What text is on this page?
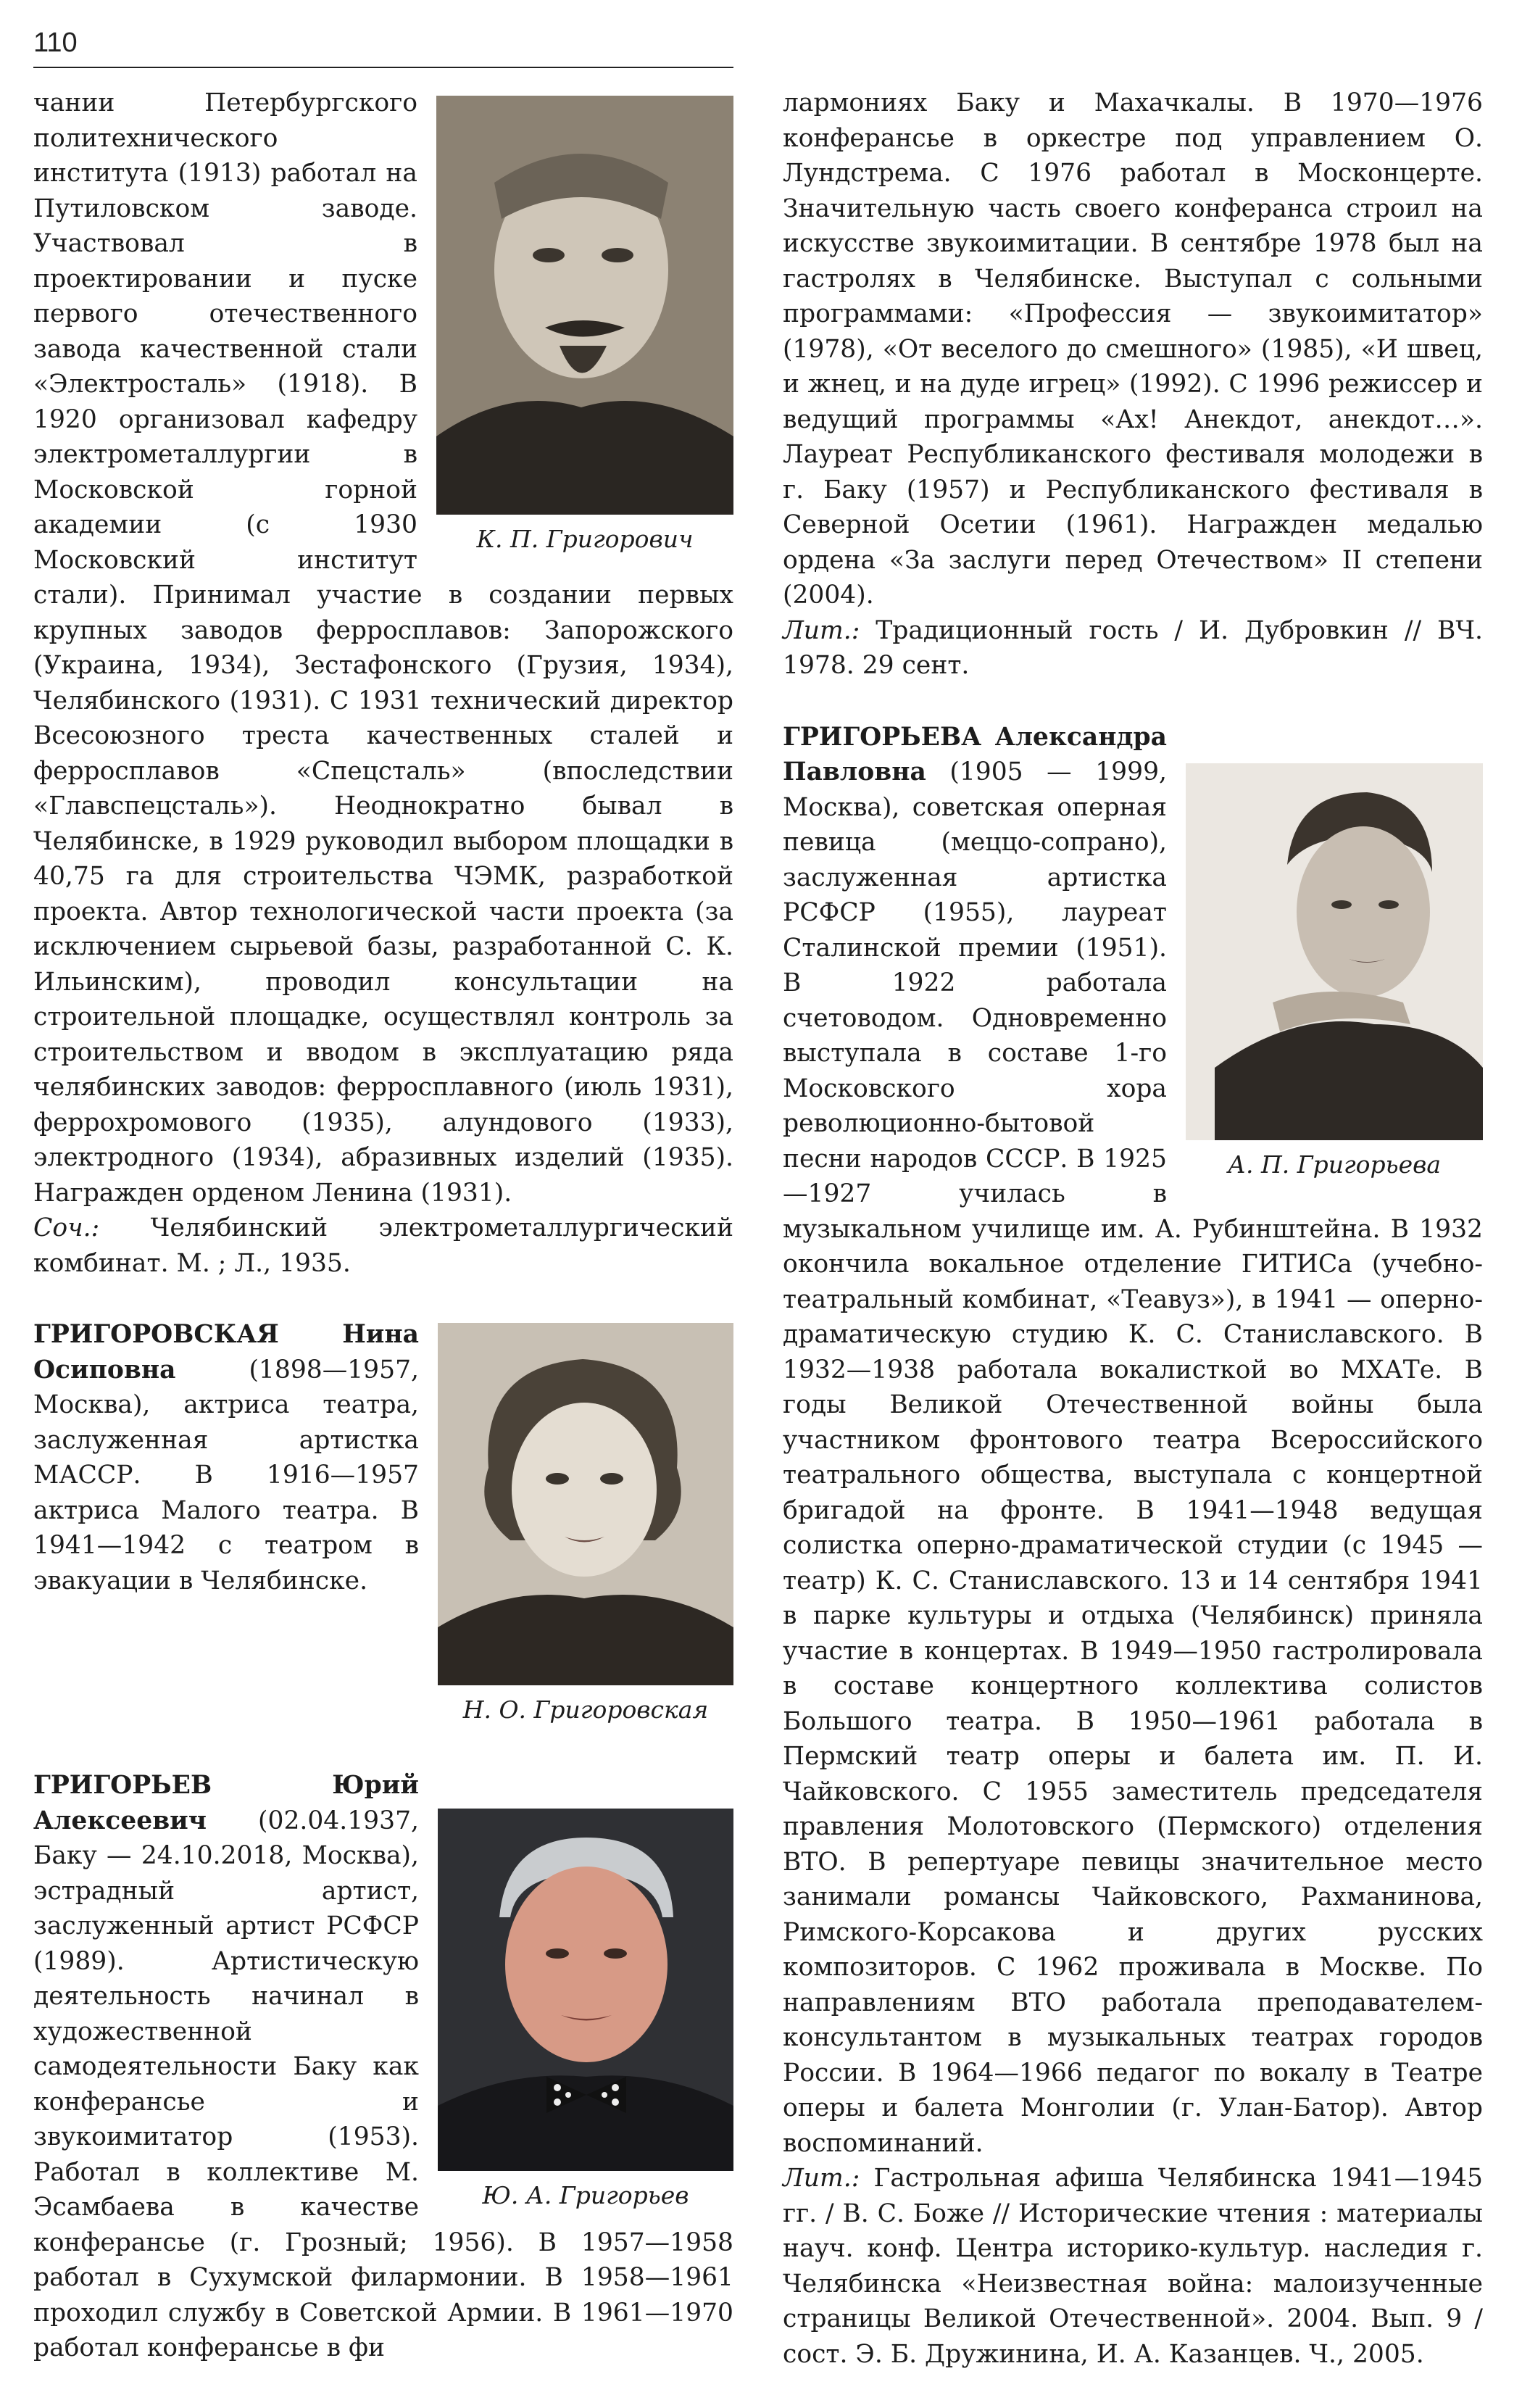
110
К. П. Григорович

чании Петербургского политехнического института (1913) работал на Путиловском заводе. Участвовал в проектировании и пуске первого отечественного завода качественной стали «Электросталь» (1918). В 1920 организовал кафедру электрометаллургии в Московской горной академии (с 1930 Московский институт стали). Принимал участие в создании первых крупных заводов ферросплавов: Запорожского (Украина, 1934), Зестафонского (Грузия, 1934), Челябинского (1931). С 1931 технический директор Всесоюзного треста качественных сталей и ферросплавов «Спецсталь» (впоследствии «Главспецсталь»). Неоднократно бывал в Челябинске, в 1929 руководил выбором площадки в 40,75 га для строительства ЧЭМК, разработкой проекта. Автор технологической части проекта (за исключением сырьевой базы, разработанной С. К. Ильинским), проводил консультации на строительной площадке, осуществлял контроль за строительством и вводом в эксплуатацию ряда челябинских заводов: ферросплавного (июль 1931), феррохромового (1935), алундового (1933), электродного (1934), абразивных изделий (1935). Награжден орденом Ленина (1931).

Соч.: Челябинский электрометаллургический комбинат. М. ; Л., 1935.

Н. О. Григоровская

ГРИГОРОВСКАЯ Нина Осиповна (1898—1957, Москва), актриса театра, заслуженная артистка МАССР. В 1916—1957 актриса Малого театра. В 1941—1942 с театром в эвакуации в Челябинске.

Ю. А. Григорьев

ГРИГОРЬЕВ Юрий Алексеевич (02.04.1937, Баку — 24.10.2018, Москва), эстрадный артист, заслуженный артист РСФСР (1989). Артистическую деятельность начинал в художественной самодеятельности Баку как конферансье и звукоимитатор (1953). Работал в коллективе М. Эсамбаева в качестве конферансье (г. Грозный; 1956). В 1957—1958 работал в Сухумской филармонии. В 1958—1961 проходил службу в Советской Армии. В 1961—1970 работал конферансье в фи

лармониях Баку и Махачкалы. В 1970—1976 конферансье в оркестре под управлением О. Лундстрема. С 1976 работал в Москонцерте. Значительную часть своего конферанса строил на искусстве звукоимитации. В сентябре 1978 был на гастролях в Челябинске. Выступал с сольными программами: «Профессия — звукоимитатор» (1978), «От веселого до смешного» (1985), «И швец, и жнец, и на дуде игрец» (1992). С 1996 режиссер и ведущий программы «Ах! Анекдот, анекдот…». Лауреат Республиканского фестиваля молодежи в г. Баку (1957) и Республиканского фестиваля в Северной Осетии (1961). Награжден медалью ордена «За заслуги перед Отечеством» II степени (2004).

Лит.: Традиционный гость / И. Дубровкин // ВЧ. 1978. 29 сент.

А. П. Григорьева

ГРИГОРЬЕВА Александра Павловна (1905 — 1999, Москва), советская оперная певица (меццо-сопрано), заслуженная артистка РСФСР (1955), лауреат Сталинской премии (1951). В 1922 работала счетоводом. Одновременно выступала в составе 1-го Московского хора революционно-бытовой песни народов СССР. В 1925—1927 училась в музыкальном училище им. А. Рубинштейна. В 1932 окончила вокальное отделение ГИТИСа (учебно-театральный комбинат, «Теавуз»), в 1941 — оперно-драматическую студию К. С. Станиславского. В 1932—1938 работала вокалисткой во МХАТе. В годы Великой Отечественной войны была участником фронтового театра Всероссийского театрального общества, выступала с концертной бригадой на фронте. В 1941—1948 ведущая солистка оперно-драматической студии (с 1945 — театр) К. С. Станиславского. 13 и 14 сентября 1941 в парке культуры и отдыха (Челябинск) приняла участие в концертах. В 1949—1950 гастролировала в составе концертного коллектива солистов Большого театра. В 1950—1961 работала в Пермский театр оперы и балета им. П. И. Чайковского. С 1955 заместитель председателя правления Молотовского (Пермского) отделения ВТО. В репертуаре певицы значительное место занимали романсы Чайковского, Рахманинова, Римского-Корсакова и других русских композиторов. С 1962 проживала в Москве. По направлениям ВТО работала преподавателем-консультантом в музыкальных театрах городов России. В 1964—1966 педагог по вокалу в Театре оперы и балета Монголии (г. Улан-Батор). Автор воспоминаний.

Лит.: Гастрольная афиша Челябинска 1941—1945 гг. / В. С. Боже // Исторические чтения : материалы науч. конф. Центра историко-культур. наследия г. Челябинска «Неизвестная война: малоизученные страницы Великой Отечественной». 2004. Вып. 9 / сост. Э. Б. Дружинина, И. А. Казанцев. Ч., 2005.
